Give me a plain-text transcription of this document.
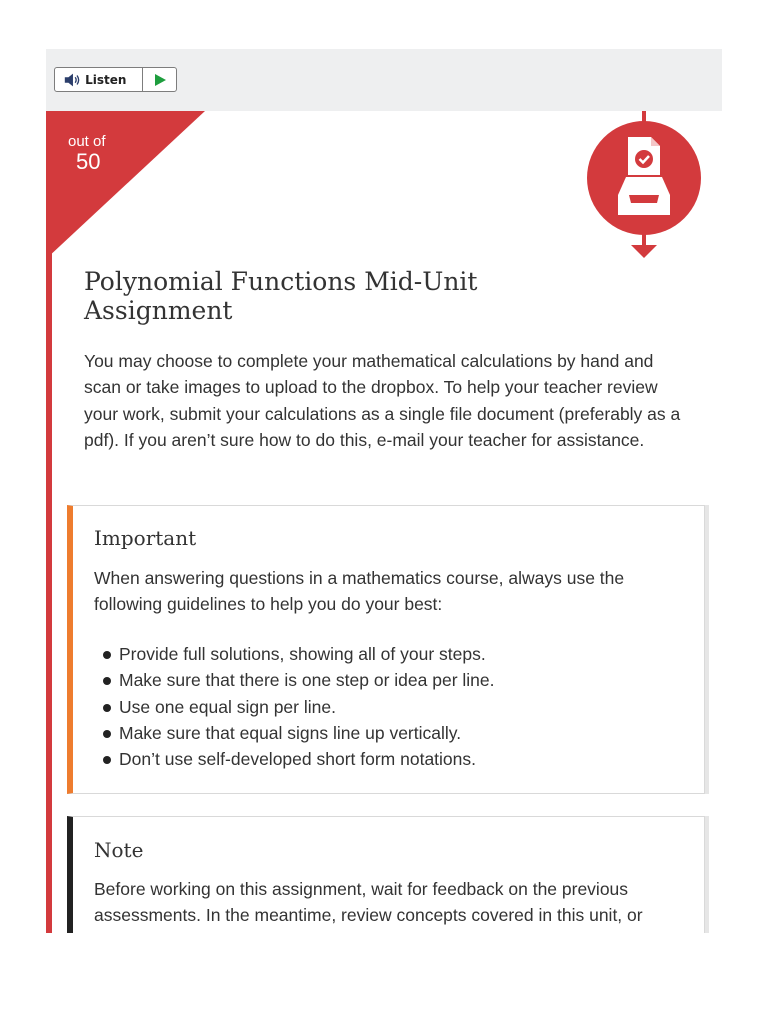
Listen
out of
50
Polynomial Functions Mid-Unit Assignment

You may choose to complete your mathematical calculations by hand and scan or take images to upload to the dropbox. To help your teacher review your work, submit your calculations as a single file document (preferably as a pdf). If you aren’t sure how to do this, e-mail your teacher for assistance.

Important

When answering questions in a mathematics course, always use the following guidelines to help you do your best:

Provide full solutions, showing all of your steps.
Make sure that there is one step or idea per line.
Use one equal sign per line.
Make sure that equal signs line up vertically.
Don’t use self-developed short form notations.
Note

Before working on this assignment, wait for feedback on the previous assessments. In the meantime, review concepts covered in this unit, or
